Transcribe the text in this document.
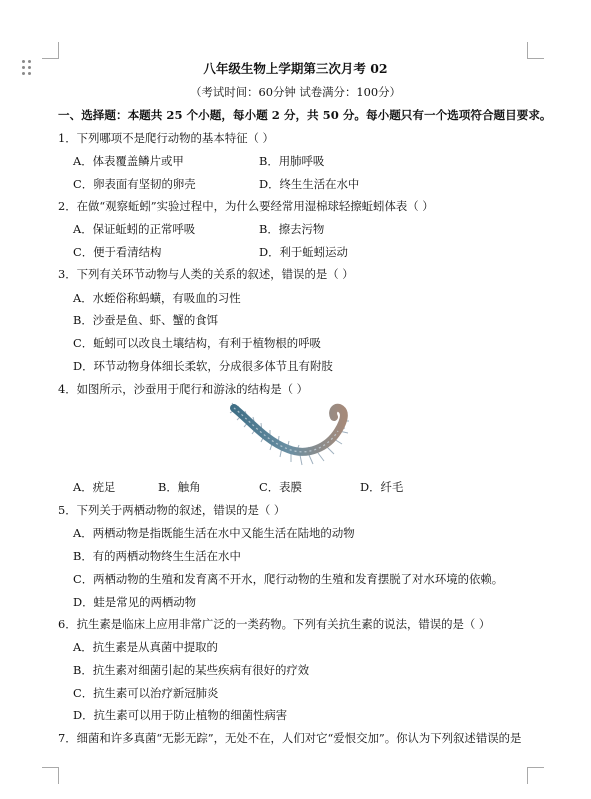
八年级生物上学期第三次月考 02
（考试时间：60分钟 试卷满分：100分）
一、选择题：本题共 25 个小题，每小题 2 分，共 50 分。每小题只有一个选项符合题目要求。
1．下列哪项不是爬行动物的基本特征（ ）
A．体表覆盖鳞片或甲	B．用肺呼吸
C．卵表面有坚韧的卵壳	D．终生生活在水中
2．在做“观察蚯蚓”实验过程中，为什么要经常用湿棉球轻擦蚯蚓体表（ ）
A．保证蚯蚓的正常呼吸	B．擦去污物
C．便于看清结构	D．利于蚯蚓运动
3．下列有关环节动物与人类的关系的叙述，错误的是（ ）
A．水蛭俗称蚂蟥，有吸血的习性
B．沙蚕是鱼、虾、蟹的食饵
C．蚯蚓可以改良土壤结构，有利于植物根的呼吸
D．环节动物身体细长柔软，分成很多体节且有附肢
4．如图所示，沙蚕用于爬行和游泳的结构是（ ）
A．疣足	B．触角	C．表膜	D．纤毛
5．下列关于两栖动物的叙述，错误的是（ ）
A．两栖动物是指既能生活在水中又能生活在陆地的动物
B．有的两栖动物终生生活在水中
C．两栖动物的生殖和发育离不开水，爬行动物的生殖和发育摆脱了对水环境的依赖。
D．蛙是常见的两栖动物
6．抗生素是临床上应用非常广泛的一类药物。下列有关抗生素的说法，错误的是（ ）
A．抗生素是从真菌中提取的
B．抗生素对细菌引起的某些疾病有很好的疗效
C．抗生素可以治疗新冠肺炎
D．抗生素可以用于防止植物的细菌性病害
7．细菌和许多真菌“无影无踪”，无处不在，人们对它“爱恨交加”。你认为下列叙述错误的是
